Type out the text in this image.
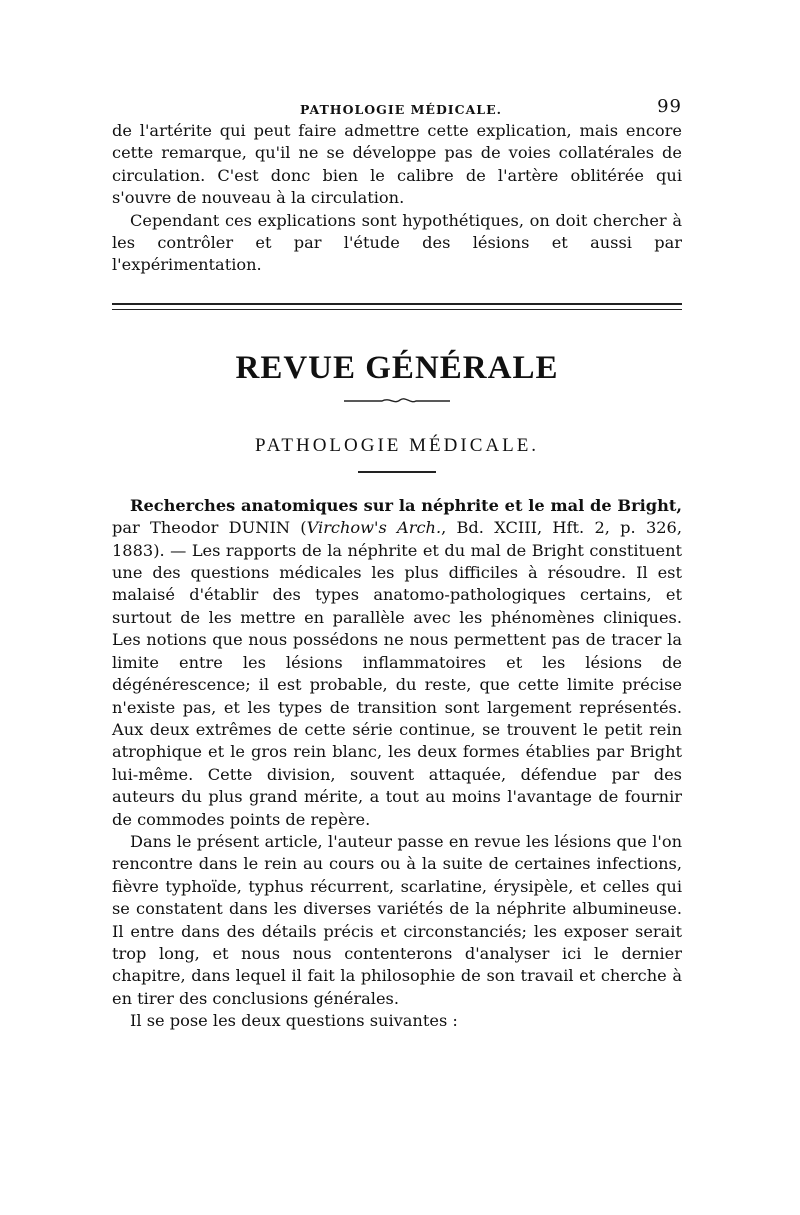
PATHOLOGIE MÉDICALE.	99

de l'artérite qui peut faire admettre cette explication, mais encore cette remarque, qu'il ne se développe pas de voies collatérales de circulation. C'est donc bien le calibre de l'artère oblitérée qui s'ouvre de nouveau à la circulation.

Cependant ces explications sont hypothétiques, on doit chercher à les contrôler et par l'étude des lésions et aussi par l'expérimentation.

REVUE GÉNÉRALE
PATHOLOGIE MÉDICALE.

Recherches anatomiques sur la néphrite et le mal de Bright, par Theodor DUNIN (Virchow's Arch., Bd. XCIII, Hft. 2, p. 326, 1883). — Les rapports de la néphrite et du mal de Bright constituent une des questions médicales les plus difficiles à résoudre. Il est malaisé d'établir des types anatomo-pathologiques certains, et surtout de les mettre en parallèle avec les phénomènes cliniques. Les notions que nous possédons ne nous permettent pas de tracer la limite entre les lésions inflammatoires et les lésions de dégénérescence; il est probable, du reste, que cette limite précise n'existe pas, et les types de transition sont largement représentés. Aux deux extrêmes de cette série continue, se trouvent le petit rein atrophique et le gros rein blanc, les deux formes établies par Bright lui-même. Cette division, souvent attaquée, défendue par des auteurs du plus grand mérite, a tout au moins l'avantage de fournir de commodes points de repère.

Dans le présent article, l'auteur passe en revue les lésions que l'on rencontre dans le rein au cours ou à la suite de certaines infections, fièvre typhoïde, typhus récurrent, scarlatine, érysipèle, et celles qui se constatent dans les diverses variétés de la néphrite albumineuse. Il entre dans des détails précis et circonstanciés; les exposer serait trop long, et nous nous contenterons d'analyser ici le dernier chapitre, dans lequel il fait la philosophie de son travail et cherche à en tirer des conclusions générales.

Il se pose les deux questions suivantes :
